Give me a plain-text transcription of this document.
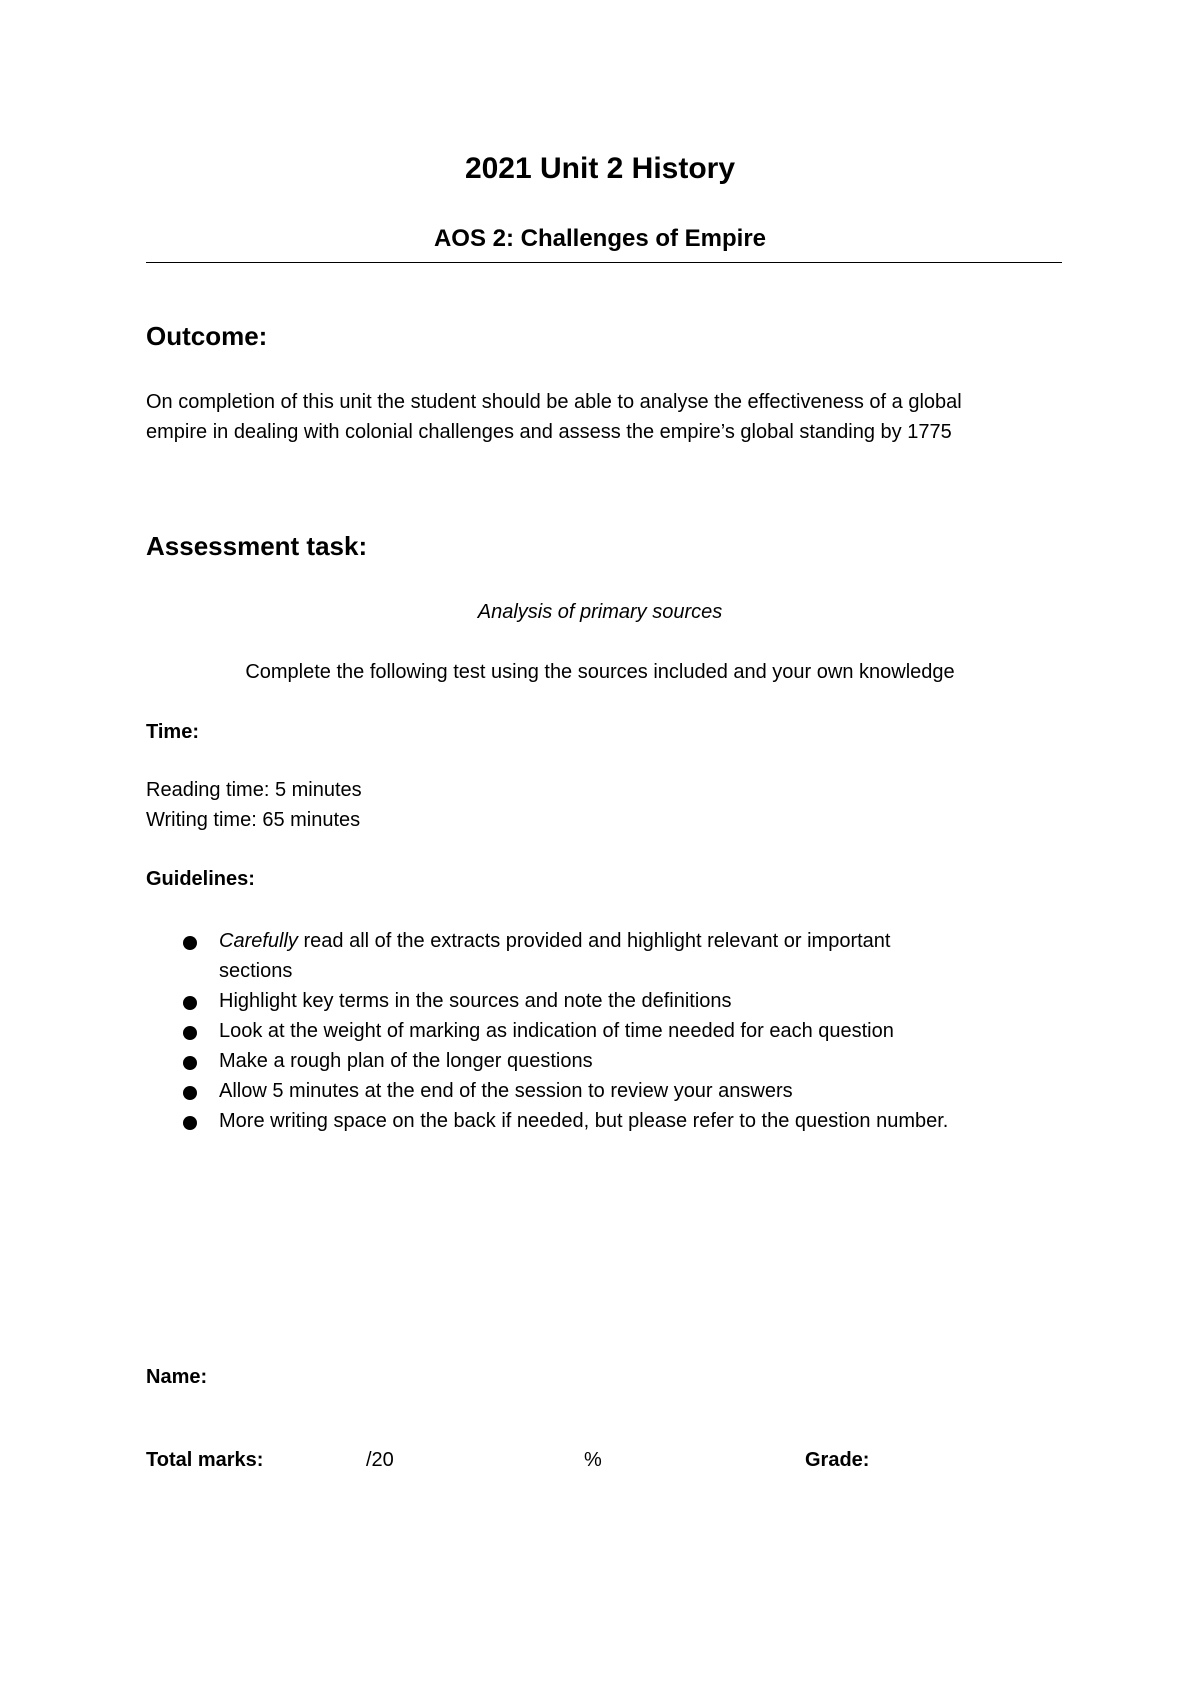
2021 Unit 2 History
AOS 2: Challenges of Empire
Outcome:
On completion of this unit the student should be able to analyse the effectiveness of a global
empire in dealing with colonial challenges and assess the empire’s global standing by 1775
Assessment task:
Analysis of primary sources
Complete the following test using the sources included and your own knowledge
Time:
Reading time: 5 minutes
Writing time: 65 minutes
Guidelines:
Carefully read all of the extracts provided and highlight relevant or important
sections
Highlight key terms in the sources and note the definitions
Look at the weight of marking as indication of time needed for each question
Make a rough plan of the longer questions
Allow 5 minutes at the end of the session to review your answers
More writing space on the back if needed, but please refer to the question number.
Name:
Total marks:	/20	%	Grade:
